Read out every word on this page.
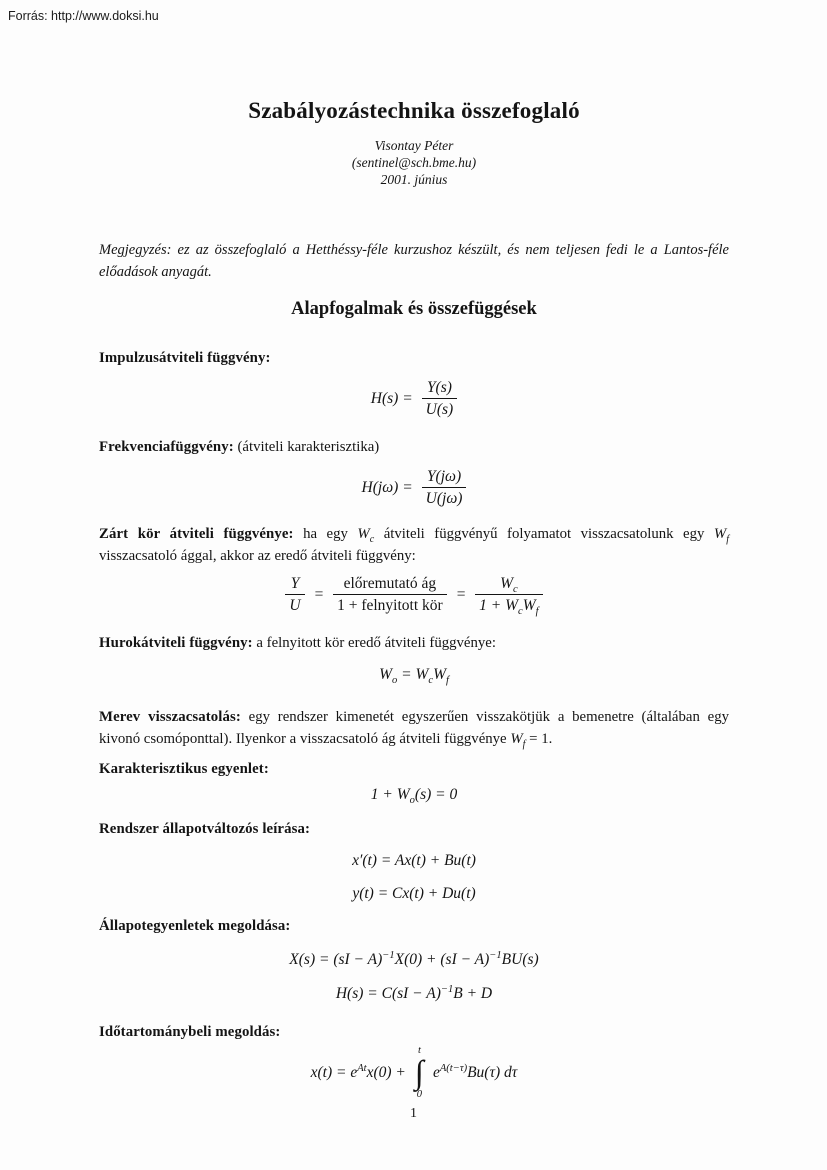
Forrás: http://www.doksi.hu
Szabályozástechnika összefoglaló
Visontay Péter
(sentinel@sch.bme.hu)
2001. június

Megjegyzés: ez az összefoglaló a Hetthéssy-féle kurzushoz készült, és nem teljesen fedi le a Lantos-féle előadások anyagát.

Alapfogalmak és összefüggések

Impulzusátviteli függvény:

$H(s) = \frac{Y(s)}{U(s)}$

Frekvenciafüggvény: (átviteli karakterisztika)

$H(j\omega) = \frac{Y(j\omega)}{U(j\omega)}$

Zárt kör átviteli függvénye: ha egy $W_c$ átviteli függvényű folyamatot visszacsatolunk egy $W_f$ visszacsatoló ággal, akkor az eredő átviteli függvény:

$\frac{Y}{U} = \frac{\text{előremutató ág}}{\text{1 + felnyitott kör}} = \frac{W_c}{1 + W_cW_f}$

Hurokátviteli függvény: a felnyitott kör eredő átviteli függvénye:

$W_o = W_cW_f$

Merev visszacsatolás: egy rendszer kimenetét egyszerűen visszakötjük a bemenetre (általában egy kivonó csomóponttal). Ilyenkor a visszacsatoló ág átviteli függvénye $W_f = 1$.

Karakterisztikus egyenlet:

$1 + W_o(s) = 0$

Rendszer állapotváltozós leírása:

x′(t) = Ax(t) + Bu(t)
y(t) = Cx(t) + Du(t)

Állapotegyenletek megoldása:

X(s) = (sI − A)$^{-1}$X(0) + (sI − A)$^{-1}$BU(s)
H(s) = C(sI − A)$^{-1}$B + D

Időtartománybeli megoldás:

$x(t) = e^{At}x(0)$ +
t
∫
0
$e^{A(t-\tau)}Bu(\tau)$ dτ
1
